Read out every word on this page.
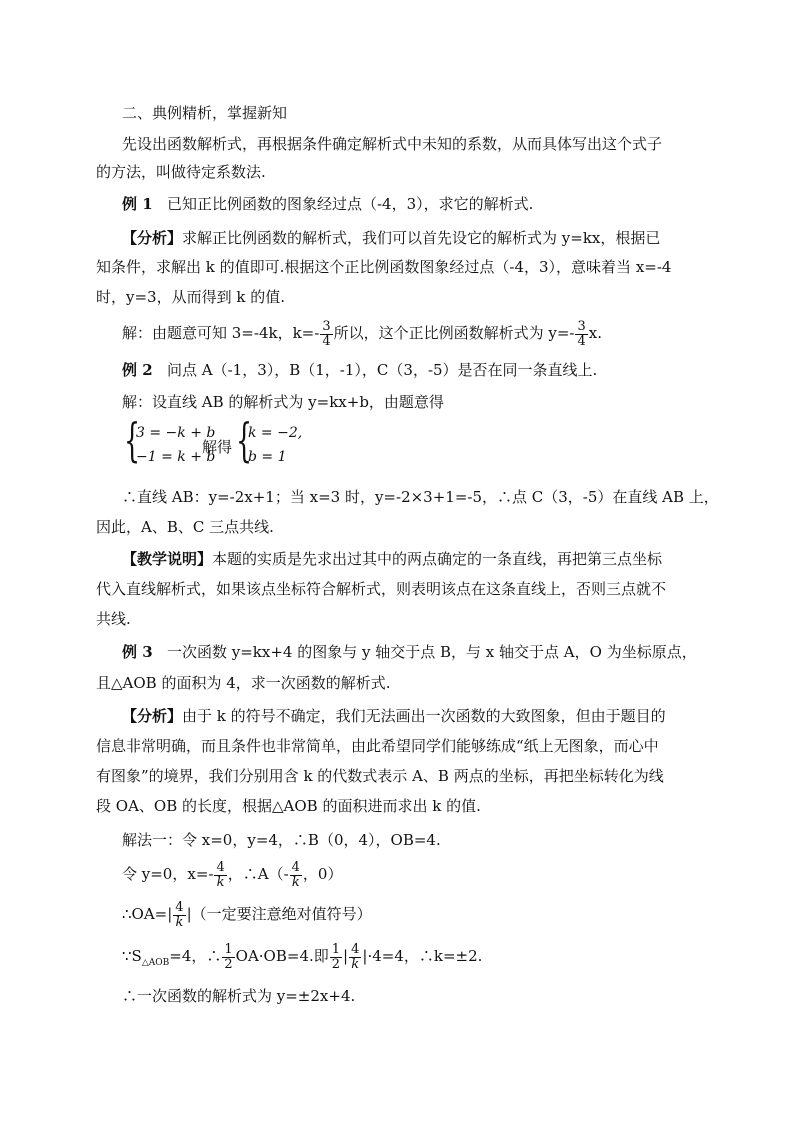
二、典例精析，掌握新知
先设出函数解析式，再根据条件确定解析式中未知的系数，从而具体写出这个式子
的方法，叫做待定系数法.
例 1 已知正比例函数的图象经过点（-4，3），求它的解析式.
【分析】求解正比例函数的解析式，我们可以首先设它的解析式为 y=kx，根据已
知条件，求解出 k 的值即可.根据这个正比例函数图象经过点（-4，3），意味着当 x=-4
时，y=3，从而得到 k 的值.
解：由题意可知 3=-4k，$k=- \frac{3}{4}$ 所以，这个正比例函数解析式为 $y=- \frac{3}{4} x$.
例 2 问点 A（-1，3），B（1，-1），C（3，-5）是否在同一条直线上.
解：设直线 AB 的解析式为 y=kx+b，由题意得
{
3 = −k + b
−1 = k + b
解得 {
k = −2,
b = 1
∴直线 AB：y=-2x+1；当 x=3 时，y=-2×3+1=-5，∴点 C（3，-5）在直线 AB 上，
因此，A、B、C 三点共线.
【教学说明】本题的实质是先求出过其中的两点确定的一条直线，再把第三点坐标
代入直线解析式，如果该点坐标符合解析式，则表明该点在这条直线上，否则三点就不
共线.
例 3 一次函数 y=kx+4 的图象与 y 轴交于点 B，与 x 轴交于点 A，O 为坐标原点，
且△AOB 的面积为 4，求一次函数的解析式.
【分析】由于 k 的符号不确定，我们无法画出一次函数的大致图象，但由于题目的
信息非常明确，而且条件也非常简单，由此希望同学们能够练成“纸上无图象，而心中
有图象”的境界，我们分别用含 k 的代数式表示 A、B 两点的坐标，再把坐标转化为线
段 OA、OB 的长度，根据△AOB 的面积进而求出 k 的值.
解法一：令 x=0，y=4，∴B（0，4），OB=4.
令 y=0，$x=- \frac{4}{k}$ ，∴A（- $\frac{4}{k}$ ，0）
∴OA=| $\frac{4}{k}$ |（一定要注意绝对值符号）
$\because S_{\triangle AOB}=4$，∴ $\frac{1}{2} OA\cdot OB=4$.即 $\frac{1}{2}$ | $\frac{4}{k} |\cdot 4=4$，∴k=±2.
∴一次函数的解析式为 y=±2x+4.
